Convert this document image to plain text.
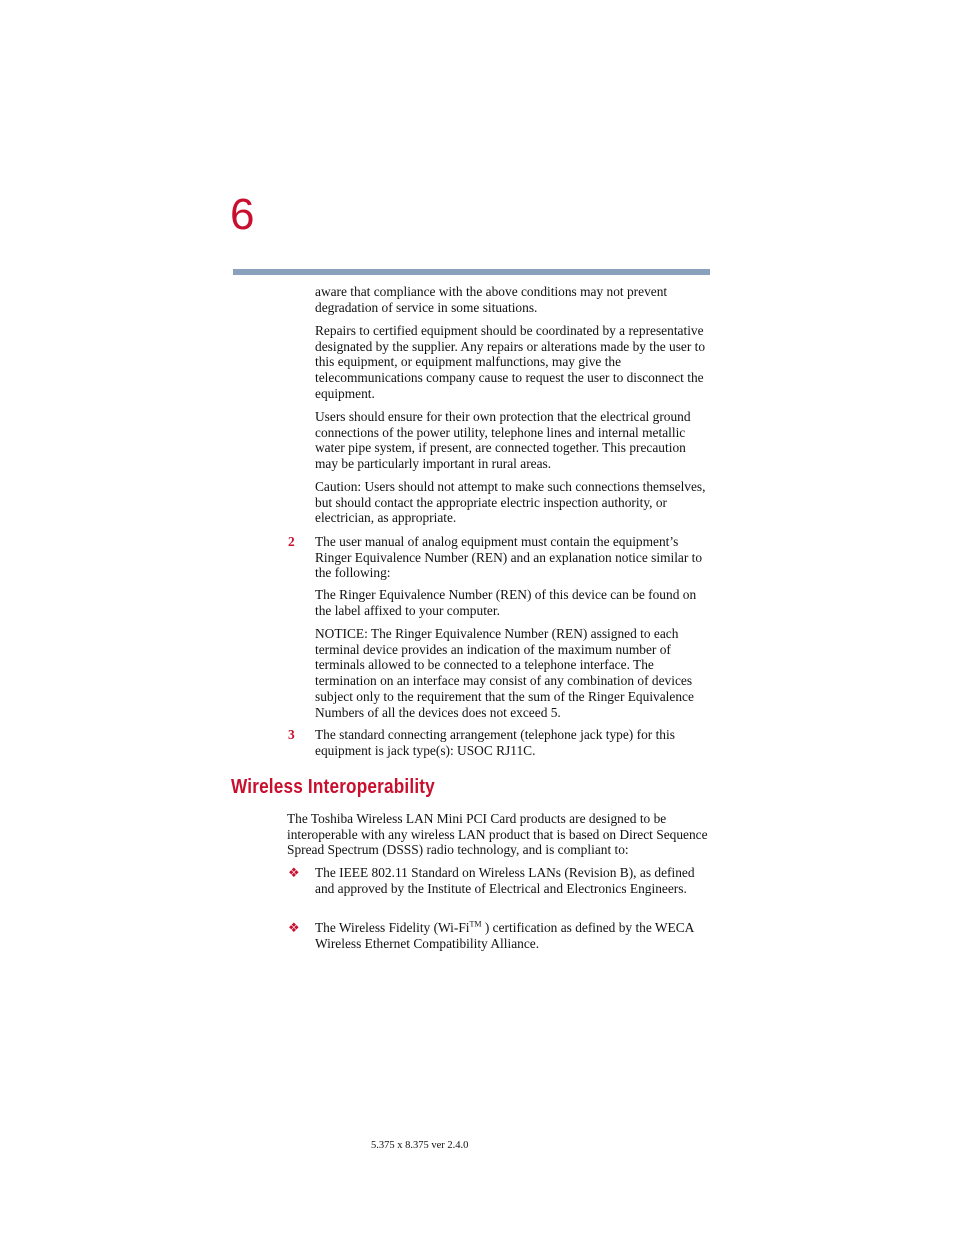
6

aware that compliance with the above conditions may not prevent degradation of service in some situations.

Repairs to certified equipment should be coordinated by a representative designated by the supplier. Any repairs or alterations made by the user to this equipment, or equipment malfunctions, may give the telecommunications company cause to request the user to disconnect the equipment.

Users should ensure for their own protection that the electrical ground connections of the power utility, telephone lines and internal metallic water pipe system, if present, are connected together. This precaution may be particularly important in rural areas.

Caution: Users should not attempt to make such connections themselves, but should contact the appropriate electric inspection authority, or electrician, as appropriate.

2 The user manual of analog equipment must contain the equipment’s Ringer Equivalence Number (REN) and an explanation notice similar to the following:

The Ringer Equivalence Number (REN) of this device can be found on the label affixed to your computer.

NOTICE: The Ringer Equivalence Number (REN) assigned to each terminal device provides an indication of the maximum number of terminals allowed to be connected to a telephone interface. The termination on an interface may consist of any combination of devices subject only to the requirement that the sum of the Ringer Equivalence Numbers of all the devices does not exceed 5.

3 The standard connecting arrangement (telephone jack type) for this equipment is jack type(s): USOC RJ11C.

Wireless Interoperability

The Toshiba Wireless LAN Mini PCI Card products are designed to be interoperable with any wireless LAN product that is based on Direct Sequence Spread Spectrum (DSSS) radio technology, and is compliant to:

❖ The IEEE 802.11 Standard on Wireless LANs (Revision B), as defined and approved by the Institute of Electrical and Electronics Engineers.

❖ The Wireless Fidelity (Wi-Fi™ ) certification as defined by the WECA Wireless Ethernet Compatibility Alliance.

5.375 x 8.375 ver 2.4.0
